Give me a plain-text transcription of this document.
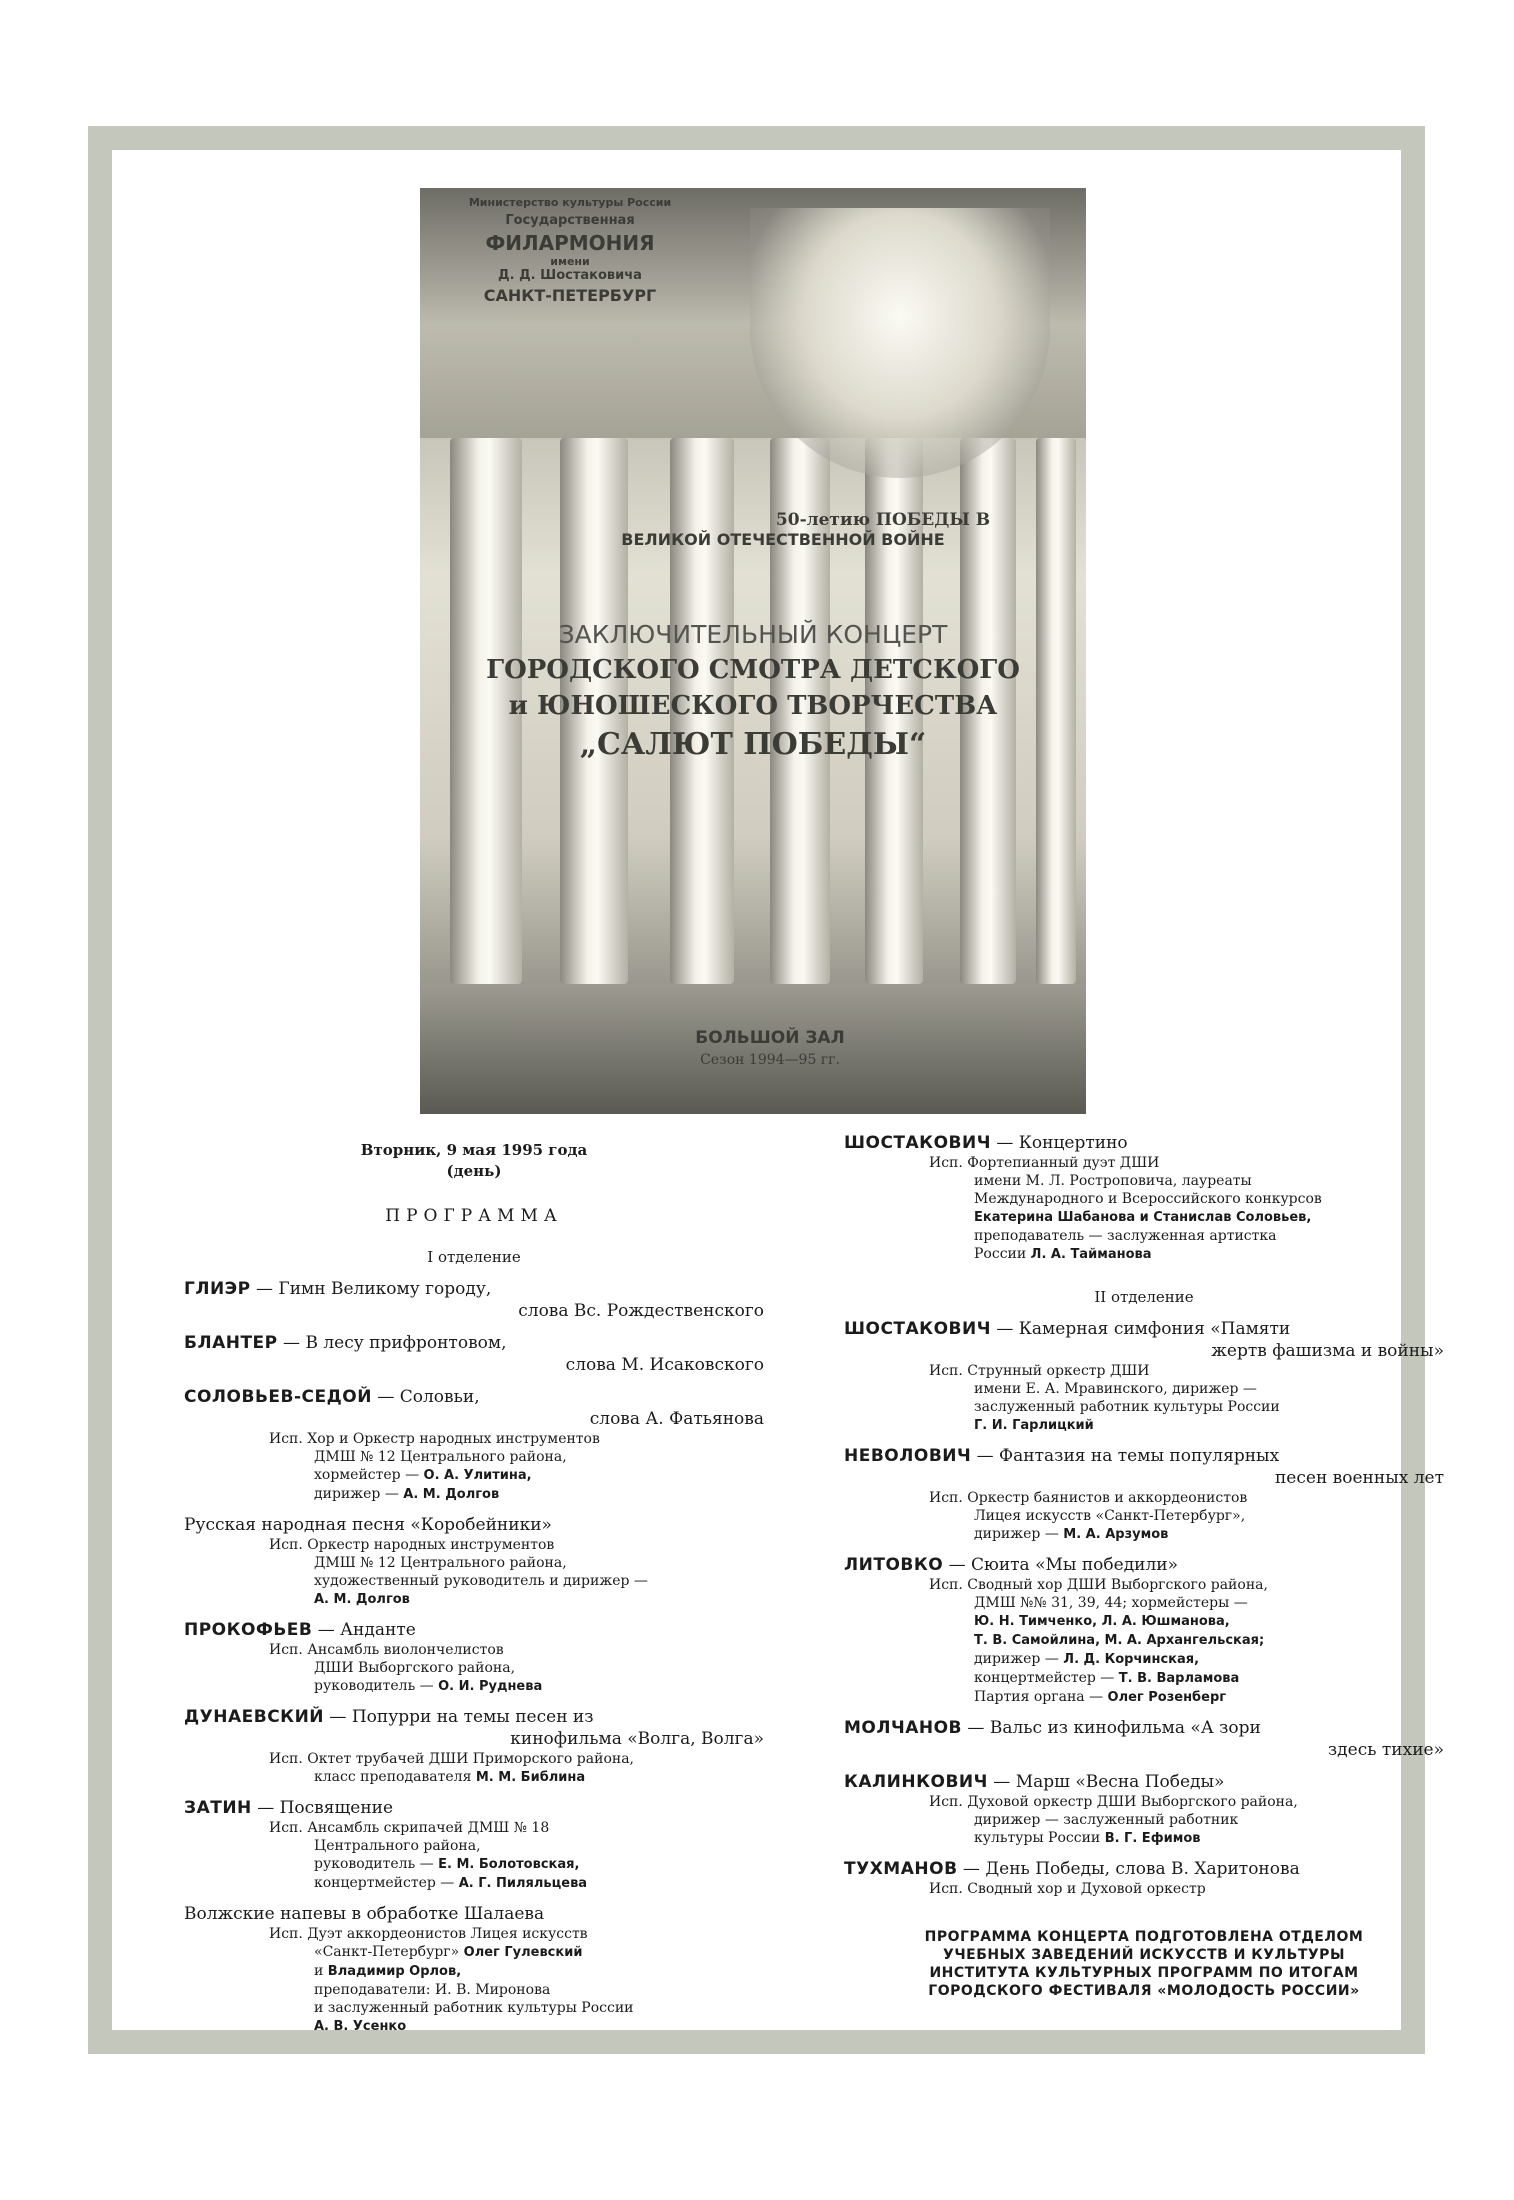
Министерство культуры России
Государственная
ФИЛАРМОНИЯ
имени
Д. Д. Шостаковича
САНКТ-ПЕТЕРБУРГ
50-летию ПОБЕДЫ В
ВЕЛИКОЙ ОТЕЧЕСТВЕННОЙ ВОЙНЕ
ЗАКЛЮЧИТЕЛЬНЫЙ КОНЦЕРТ
ГОРОДСКОГО СМОТРА ДЕТСКОГО
и ЮНОШЕСКОГО ТВОРЧЕСТВА
„САЛЮТ ПОБЕДЫ“
БОЛЬШОЙ ЗАЛ
Сезон 1994—95 гг.
Вторник, 9 мая 1995 года
(день)
ПРОГРАММА
I отделение
ГЛИЭР — Гимн Великому городу,
слова Вс. Рождественского
БЛАНТЕР — В лесу прифронтовом,
слова М. Исаковского
СОЛОВЬЕВ-СЕДОЙ — Соловьи,
слова А. Фатьянова
Исп. Хор и Оркестр народных инструментов
ДМШ № 12 Центрального района,
хормейстер — О. А. Улитина,
дирижер — А. М. Долгов
Русская народная песня «Коробейники»
Исп. Оркестр народных инструментов
ДМШ № 12 Центрального района,
художественный руководитель и дирижер —
А. М. Долгов
ПРОКОФЬЕВ — Анданте
Исп. Ансамбль виолончелистов
ДШИ Выборгского района,
руководитель — О. И. Руднева
ДУНАЕВСКИЙ — Попурри на темы песен из
кинофильма «Волга, Волга»
Исп. Октет трубачей ДШИ Приморского района,
класс преподавателя М. М. Библина
ЗАТИН — Посвящение
Исп. Ансамбль скрипачей ДМШ № 18
Центрального района,
руководитель — Е. М. Болотовская,
концертмейстер — А. Г. Пиляльцева
Волжские напевы в обработке Шалаева
Исп. Дуэт аккордеонистов Лицея искусств
«Санкт-Петербург» Олег Гулевский
и Владимир Орлов,
преподаватели: И. В. Миронова
и заслуженный работник культуры России
А. В. Усенко
ШОСТАКОВИЧ — Концертино
Исп. Фортепианный дуэт ДШИ
имени М. Л. Ростроповича, лауреаты
Международного и Всероссийского конкурсов
Екатерина Шабанова и Станислав Соловьев,
преподаватель — заслуженная артистка
России Л. А. Тайманова
II отделение
ШОСТАКОВИЧ — Камерная симфония «Памяти
жертв фашизма и войны»
Исп. Струнный оркестр ДШИ
имени Е. А. Мравинского, дирижер —
заслуженный работник культуры России
Г. И. Гарлицкий
НЕВОЛОВИЧ — Фантазия на темы популярных
песен военных лет
Исп. Оркестр баянистов и аккордеонистов
Лицея искусств «Санкт-Петербург»,
дирижер — М. А. Арзумов
ЛИТОВКО — Сюита «Мы победили»
Исп. Сводный хор ДШИ Выборгского района,
ДМШ №№ 31, 39, 44; хормейстеры —
Ю. Н. Тимченко, Л. А. Юшманова,
Т. В. Самойлина, М. А. Архангельская;
дирижер — Л. Д. Корчинская,
концертмейстер — Т. В. Варламова
Партия органа — Олег Розенберг
МОЛЧАНОВ — Вальс из кинофильма «А зори
здесь тихие»
КАЛИНКОВИЧ — Марш «Весна Победы»
Исп. Духовой оркестр ДШИ Выборгского района,
дирижер — заслуженный работник
культуры России В. Г. Ефимов
ТУХМАНОВ — День Победы, слова В. Харитонова
Исп. Сводный хор и Духовой оркестр
ПРОГРАММА КОНЦЕРТА ПОДГОТОВЛЕНА ОТДЕЛОМ
УЧЕБНЫХ ЗАВЕДЕНИЙ ИСКУССТВ И КУЛЬТУРЫ
ИНСТИТУТА КУЛЬТУРНЫХ ПРОГРАММ ПО ИТОГАМ
ГОРОДСКОГО ФЕСТИВАЛЯ «МОЛОДОСТЬ РОССИИ»
